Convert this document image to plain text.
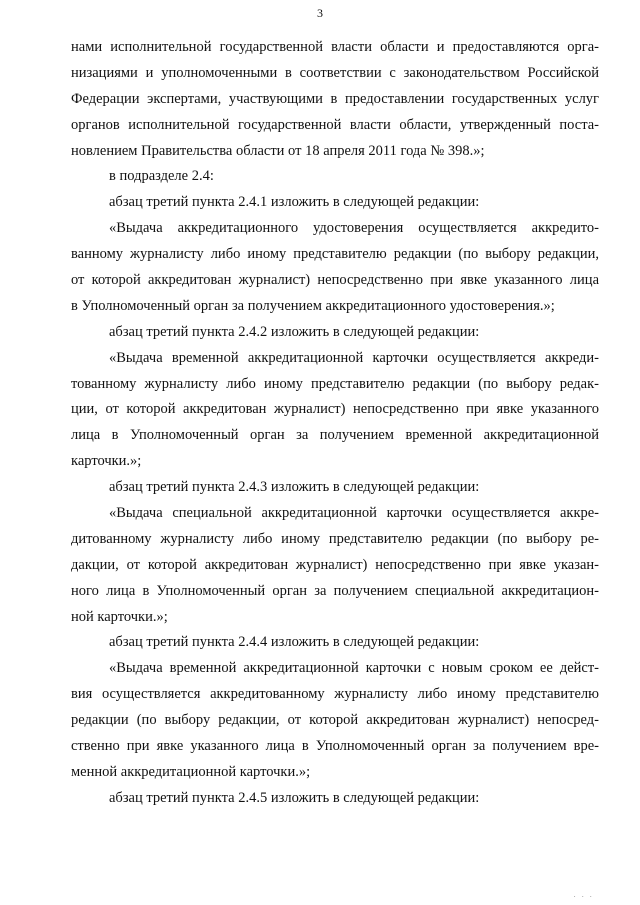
3
нами исполнительной государственной власти области и предоставляются орга-
низациями и уполномоченными в соответствии с законодательством Российской
Федерации экспертами, участвующими в предоставлении государственных услуг
органов исполнительной государственной власти области, утвержденный поста-
новлением Правительства области от 18 апреля 2011 года № 398.»;
в подразделе 2.4:
абзац третий пункта 2.4.1 изложить в следующей редакции:
«Выдача аккредитационного удостоверения осуществляется аккредито-
ванному журналисту либо иному представителю редакции (по выбору редакции,
от которой аккредитован журналист) непосредственно при явке указанного лица
в Уполномоченный орган за получением аккредитационного удостоверения.»;
абзац третий пункта 2.4.2 изложить в следующей редакции:
«Выдача временной аккредитационной карточки осуществляется аккреди-
тованному журналисту либо иному представителю редакции (по выбору редак-
ции, от которой аккредитован журналист) непосредственно при явке указанного
лица в Уполномоченный орган за получением временной аккредитационной
карточки.»;
абзац третий пункта 2.4.3 изложить в следующей редакции:
«Выдача специальной аккредитационной карточки осуществляется аккре-
дитованному журналисту либо иному представителю редакции (по выбору ре-
дакции, от которой аккредитован журналист) непосредственно при явке указан-
ного лица в Уполномоченный орган за получением специальной аккредитацион-
ной карточки.»;
абзац третий пункта 2.4.4 изложить в следующей редакции:
«Выдача временной аккредитационной карточки с новым сроком ее дейст-
вия осуществляется аккредитованному журналисту либо иному представителю
редакции (по выбору редакции, от которой аккредитован журналист) непосред-
ственно при явке указанного лица в Уполномоченный орган за получением вре-
менной аккредитационной карточки.»;
абзац третий пункта 2.4.5 изложить в следующей редакции:
· · ·
